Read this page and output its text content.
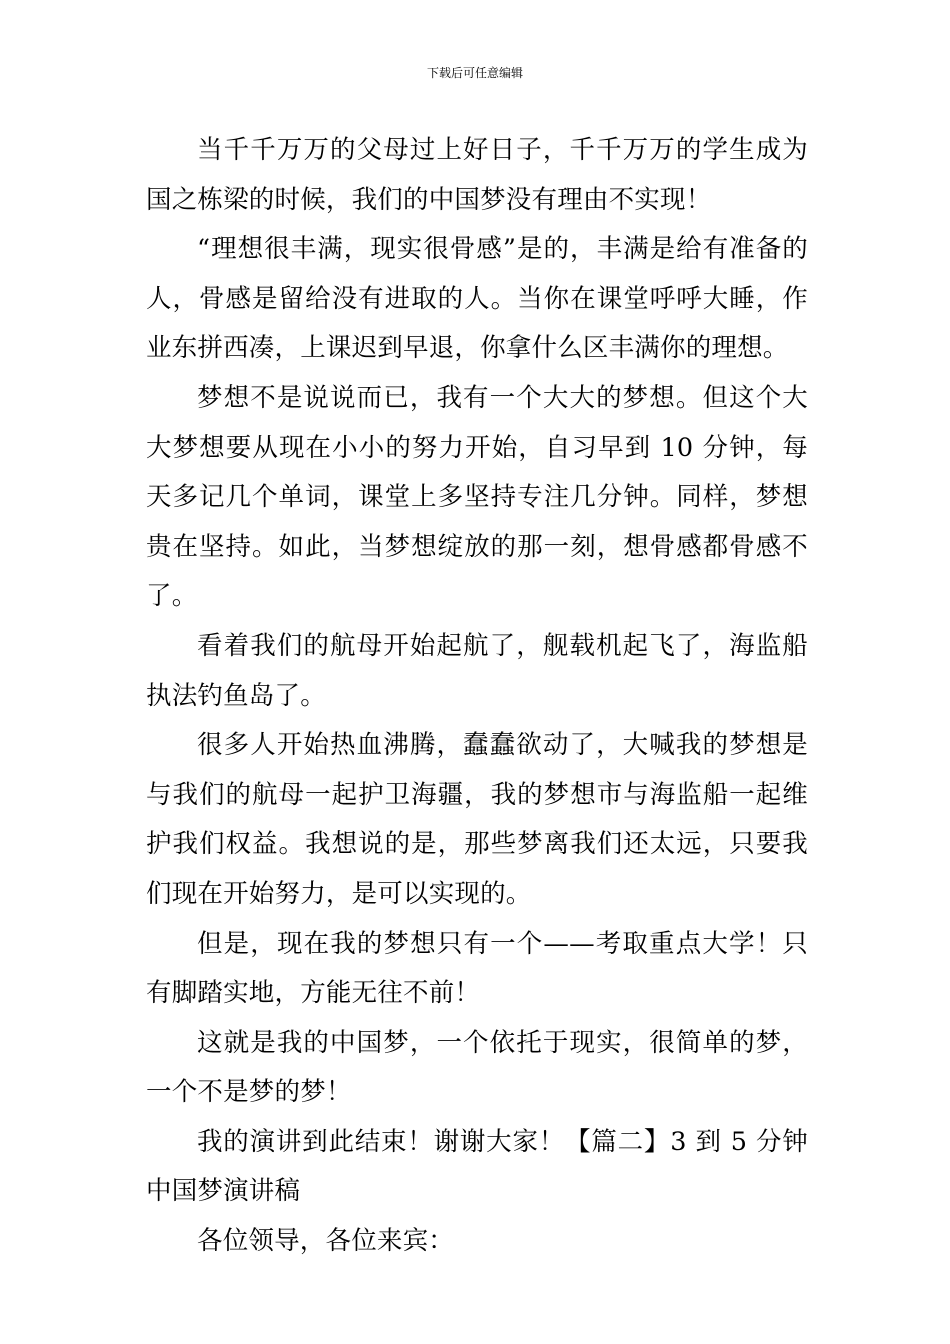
下载后可任意编辑

当千千万万的父母过上好日子，千千万万的学生成为国之栋梁的时候，我们的中国梦没有理由不实现！

“理想很丰满，现实很骨感”是的，丰满是给有准备的人，骨感是留给没有进取的人。当你在课堂呼呼大睡，作业东拼西凑，上课迟到早退，你拿什么区丰满你的理想。

梦想不是说说而已，我有一个大大的梦想。但这个大大梦想要从现在小小的努力开始，自习早到 10 分钟，每天多记几个单词，课堂上多坚持专注几分钟。同样，梦想贵在坚持。如此，当梦想绽放的那一刻，想骨感都骨感不了。

看着我们的航母开始起航了，舰载机起飞了，海监船执法钓鱼岛了。

很多人开始热血沸腾，蠢蠢欲动了，大喊我的梦想是与我们的航母一起护卫海疆，我的梦想市与海监船一起维护我们权益。我想说的是，那些梦离我们还太远，只要我们现在开始努力，是可以实现的。

但是，现在我的梦想只有一个——考取重点大学！只有脚踏实地，方能无往不前！

这就是我的中国梦，一个依托于现实，很简单的梦，一个不是梦的梦！

我的演讲到此结束！谢谢大家！【篇二】3 到 5 分钟中国梦演讲稿

各位领导，各位来宾：
